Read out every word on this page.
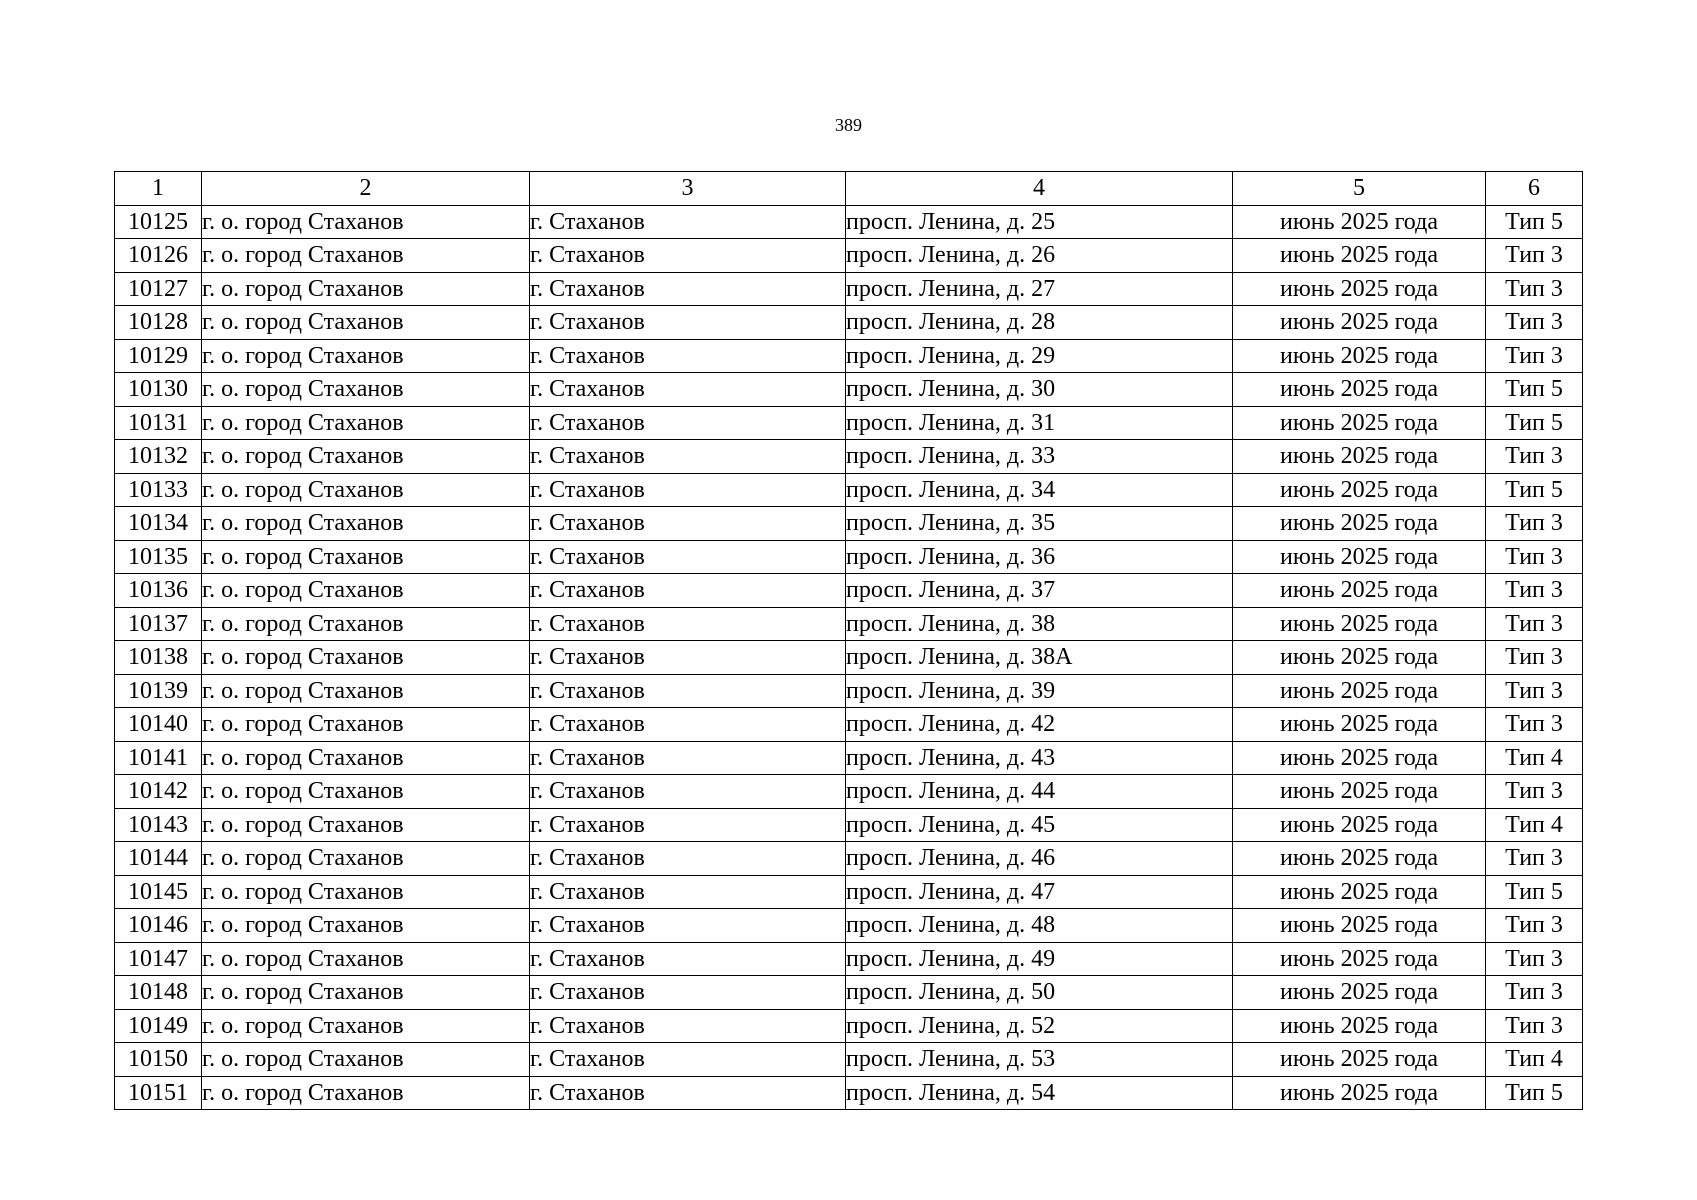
389
1	2	3	4	5	6
10125	г. о. город Стаханов	г. Стаханов	просп. Ленина, д. 25	июнь 2025 года	Тип 5
10126	г. о. город Стаханов	г. Стаханов	просп. Ленина, д. 26	июнь 2025 года	Тип 3
10127	г. о. город Стаханов	г. Стаханов	просп. Ленина, д. 27	июнь 2025 года	Тип 3
10128	г. о. город Стаханов	г. Стаханов	просп. Ленина, д. 28	июнь 2025 года	Тип 3
10129	г. о. город Стаханов	г. Стаханов	просп. Ленина, д. 29	июнь 2025 года	Тип 3
10130	г. о. город Стаханов	г. Стаханов	просп. Ленина, д. 30	июнь 2025 года	Тип 5
10131	г. о. город Стаханов	г. Стаханов	просп. Ленина, д. 31	июнь 2025 года	Тип 5
10132	г. о. город Стаханов	г. Стаханов	просп. Ленина, д. 33	июнь 2025 года	Тип 3
10133	г. о. город Стаханов	г. Стаханов	просп. Ленина, д. 34	июнь 2025 года	Тип 5
10134	г. о. город Стаханов	г. Стаханов	просп. Ленина, д. 35	июнь 2025 года	Тип 3
10135	г. о. город Стаханов	г. Стаханов	просп. Ленина, д. 36	июнь 2025 года	Тип 3
10136	г. о. город Стаханов	г. Стаханов	просп. Ленина, д. 37	июнь 2025 года	Тип 3
10137	г. о. город Стаханов	г. Стаханов	просп. Ленина, д. 38	июнь 2025 года	Тип 3
10138	г. о. город Стаханов	г. Стаханов	просп. Ленина, д. 38А	июнь 2025 года	Тип 3
10139	г. о. город Стаханов	г. Стаханов	просп. Ленина, д. 39	июнь 2025 года	Тип 3
10140	г. о. город Стаханов	г. Стаханов	просп. Ленина, д. 42	июнь 2025 года	Тип 3
10141	г. о. город Стаханов	г. Стаханов	просп. Ленина, д. 43	июнь 2025 года	Тип 4
10142	г. о. город Стаханов	г. Стаханов	просп. Ленина, д. 44	июнь 2025 года	Тип 3
10143	г. о. город Стаханов	г. Стаханов	просп. Ленина, д. 45	июнь 2025 года	Тип 4
10144	г. о. город Стаханов	г. Стаханов	просп. Ленина, д. 46	июнь 2025 года	Тип 3
10145	г. о. город Стаханов	г. Стаханов	просп. Ленина, д. 47	июнь 2025 года	Тип 5
10146	г. о. город Стаханов	г. Стаханов	просп. Ленина, д. 48	июнь 2025 года	Тип 3
10147	г. о. город Стаханов	г. Стаханов	просп. Ленина, д. 49	июнь 2025 года	Тип 3
10148	г. о. город Стаханов	г. Стаханов	просп. Ленина, д. 50	июнь 2025 года	Тип 3
10149	г. о. город Стаханов	г. Стаханов	просп. Ленина, д. 52	июнь 2025 года	Тип 3
10150	г. о. город Стаханов	г. Стаханов	просп. Ленина, д. 53	июнь 2025 года	Тип 4
10151	г. о. город Стаханов	г. Стаханов	просп. Ленина, д. 54	июнь 2025 года	Тип 5
